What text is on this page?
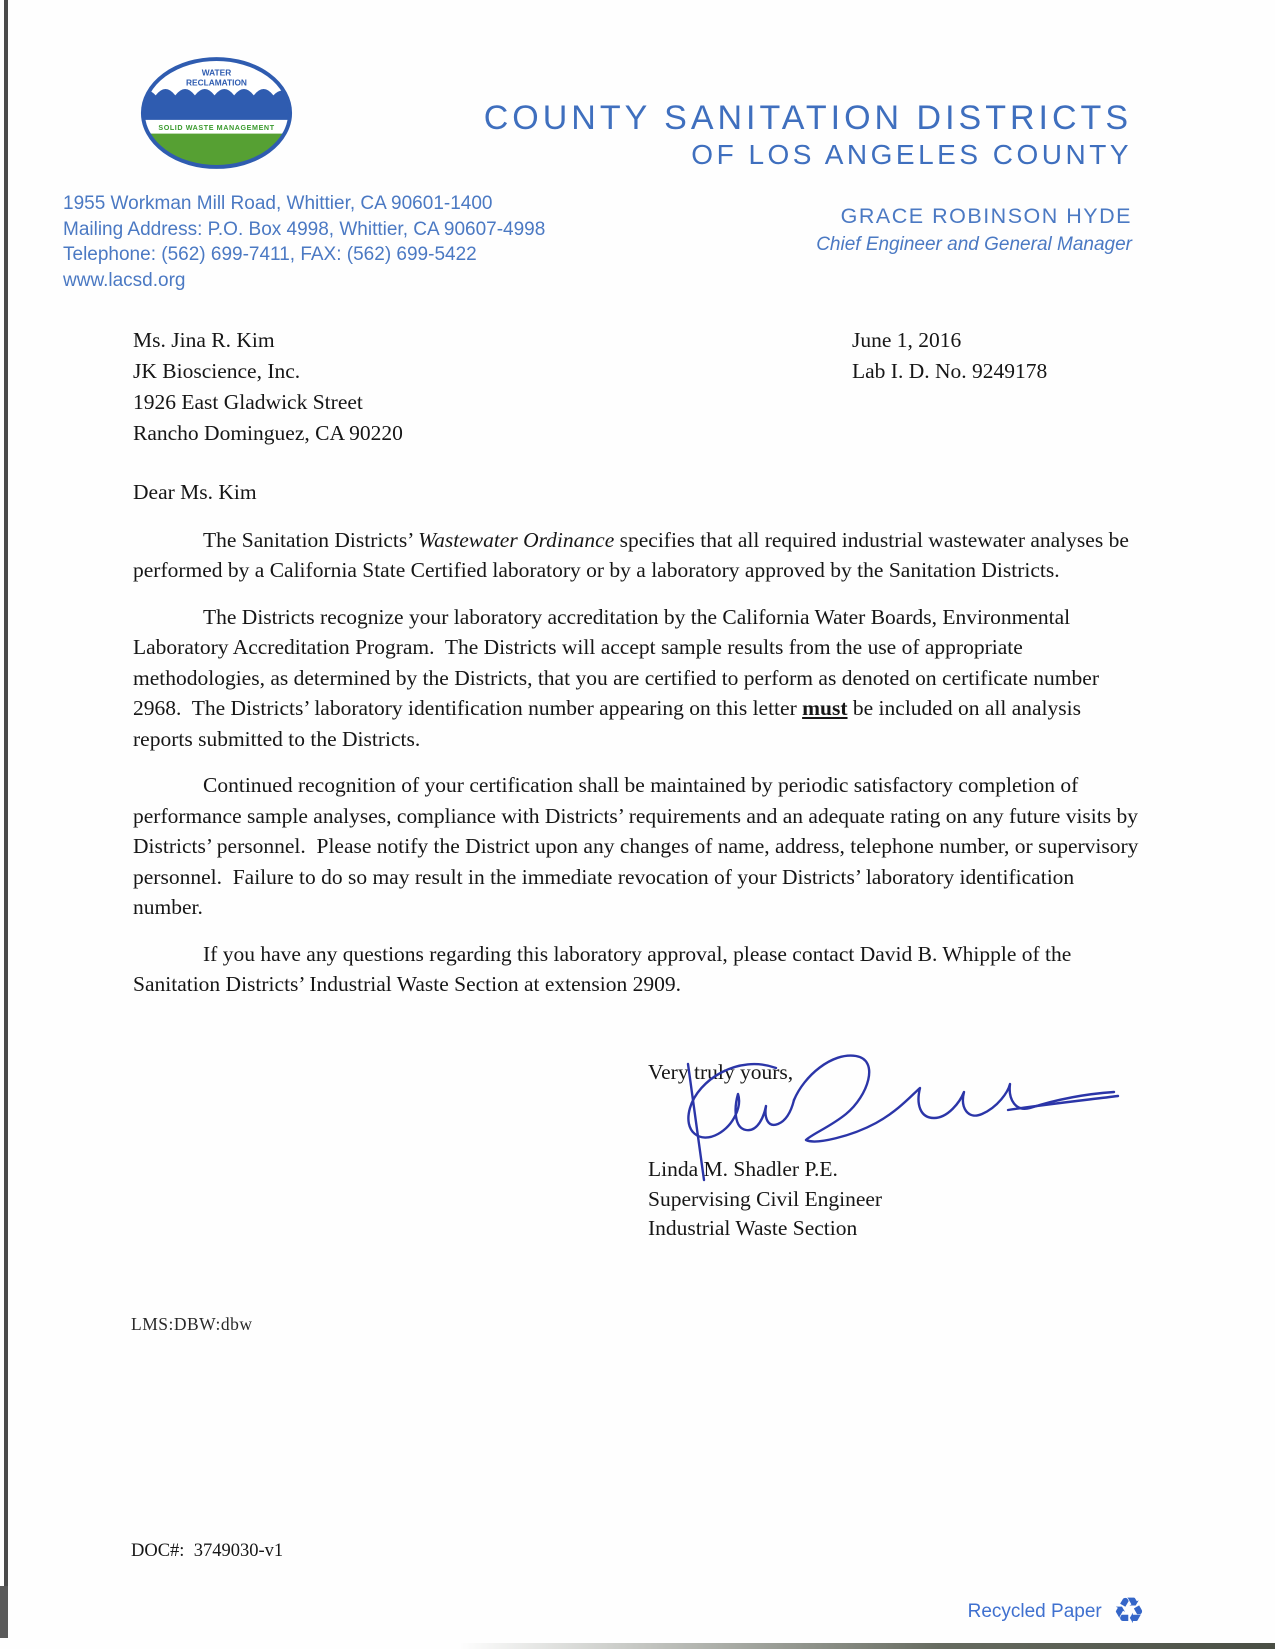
WATER
RECLAMATION
SOLID WASTE MANAGEMENT	COUNTY SANITATION DISTRICTS
OF LOS ANGELES COUNTY
1955 Workman Mill Road, Whittier, CA 90601-1400
Mailing Address: P.O. Box 4998, Whittier, CA 90607-4998
Telephone: (562) 699-7411, FAX: (562) 699-5422
www.lacsd.org
GRACE ROBINSON HYDE
Chief Engineer and General Manager
Ms. Jina R. Kim
JK Bioscience, Inc.
1926 East Gladwick Street
Rancho Dominguez, CA 90220
June 1, 2016
Lab I. D. No. 9249178
Dear Ms. Kim

The Sanitation Districts’ Wastewater Ordinance specifies that all required industrial wastewater analyses be performed by a California State Certified laboratory or by a laboratory approved by the Sanitation Districts.

The Districts recognize your laboratory accreditation by the California Water Boards, Environmental Laboratory Accreditation Program.  The Districts will accept sample results from the use of appropriate methodologies, as determined by the Districts, that you are certified to perform as denoted on certificate number 2968.  The Districts’ laboratory identification number appearing on this letter must be included on all analysis reports submitted to the Districts.

Continued recognition of your certification shall be maintained by periodic satisfactory completion of performance sample analyses, compliance with Districts’ requirements and an adequate rating on any future visits by Districts’ personnel.  Please notify the District upon any changes of name, address, telephone number, or supervisory personnel.  Failure to do so may result in the immediate revocation of your Districts’ laboratory identification number.

If you have any questions regarding this laboratory approval, please contact David B. Whipple of the Sanitation Districts’ Industrial Waste Section at extension 2909.

Very truly yours,
Linda M. Shadler P.E.
Supervising Civil Engineer
Industrial Waste Section
LMS:DBW:dbw
DOC#:  3749030-v1
Recycled Paper ♻
